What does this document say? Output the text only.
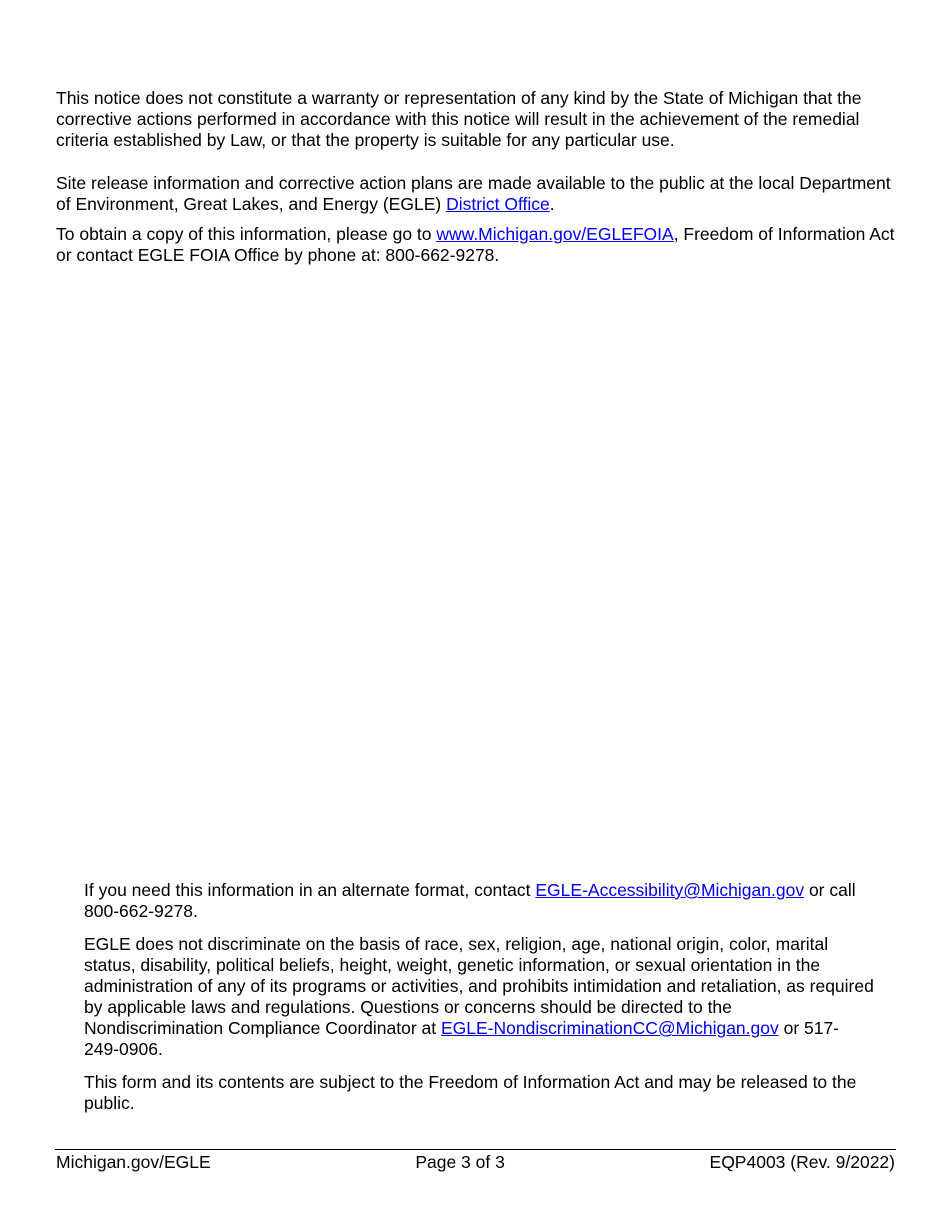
This notice does not constitute a warranty or representation of any kind by the State of Michigan that the corrective actions performed in accordance with this notice will result in the achievement of the remedial criteria established by Law, or that the property is suitable for any particular use.

Site release information and corrective action plans are made available to the public at the local Department of Environment, Great Lakes, and Energy (EGLE) District Office.

To obtain a copy of this information, please go to www.Michigan.gov/EGLEFOIA, Freedom of Information Act or contact EGLE FOIA Office by phone at: 800-662-9278.

If you need this information in an alternate format, contact EGLE-Accessibility@Michigan.gov or call 800-662-9278.

EGLE does not discriminate on the basis of race, sex, religion, age, national origin, color, marital status, disability, political beliefs, height, weight, genetic information, or sexual orientation in the administration of any of its programs or activities, and prohibits intimidation and retaliation, as required by applicable laws and regulations. Questions or concerns should be directed to the Nondiscrimination Compliance Coordinator at EGLE-NondiscriminationCC@Michigan.gov or 517-249-0906.

This form and its contents are subject to the Freedom of Information Act and may be released to the public.

Michigan.gov/EGLE	Page 3 of 3	EQP4003 (Rev. 9/2022)
